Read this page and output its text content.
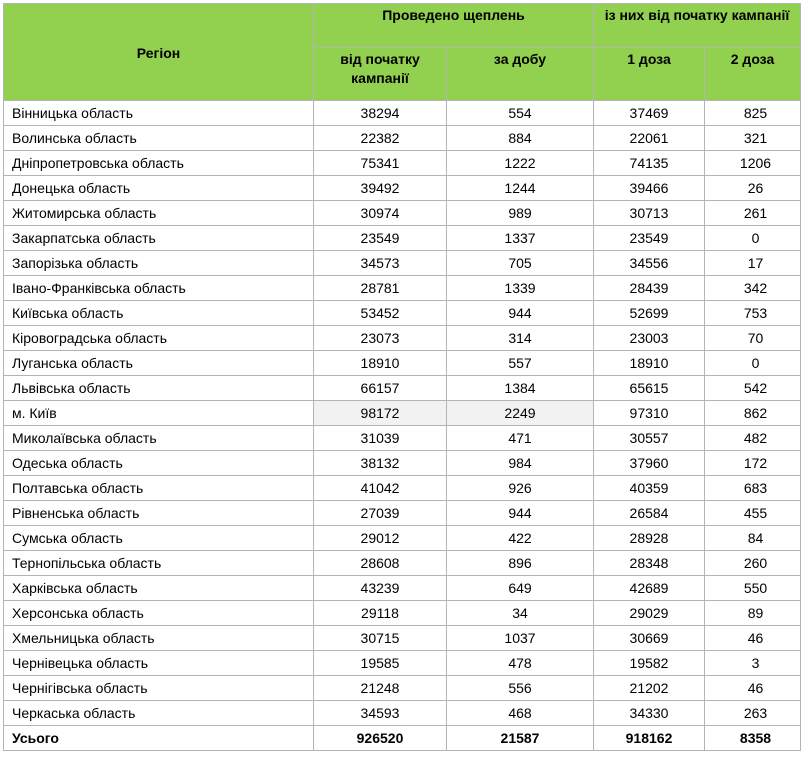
Регіон	Проведено щеплень		із них від початку кампанії	
	від початку кампанії	за добу	1 доза	2 доза
Вінницька область	38294	554	37469	825
Волинська область	22382	884	22061	321
Дніпропетровська область	75341	1222	74135	1206
Донецька область	39492	1244	39466	26
Житомирська область	30974	989	30713	261
Закарпатська область	23549	1337	23549	0
Запорізька область	34573	705	34556	17
Івано-Франківська область	28781	1339	28439	342
Київська область	53452	944	52699	753
Кіровоградська область	23073	314	23003	70
Луганська область	18910	557	18910	0
Львівська область	66157	1384	65615	542
м. Київ	98172	2249	97310	862
Миколаївська область	31039	471	30557	482
Одеська область	38132	984	37960	172
Полтавська область	41042	926	40359	683
Рівненська область	27039	944	26584	455
Сумська область	29012	422	28928	84
Тернопільська область	28608	896	28348	260
Харківська область	43239	649	42689	550
Херсонська область	29118	34	29029	89
Хмельницька область	30715	1037	30669	46
Чернівецька область	19585	478	19582	3
Чернігівська область	21248	556	21202	46
Черкаська область	34593	468	34330	263
Усього	926520	21587	918162	8358
